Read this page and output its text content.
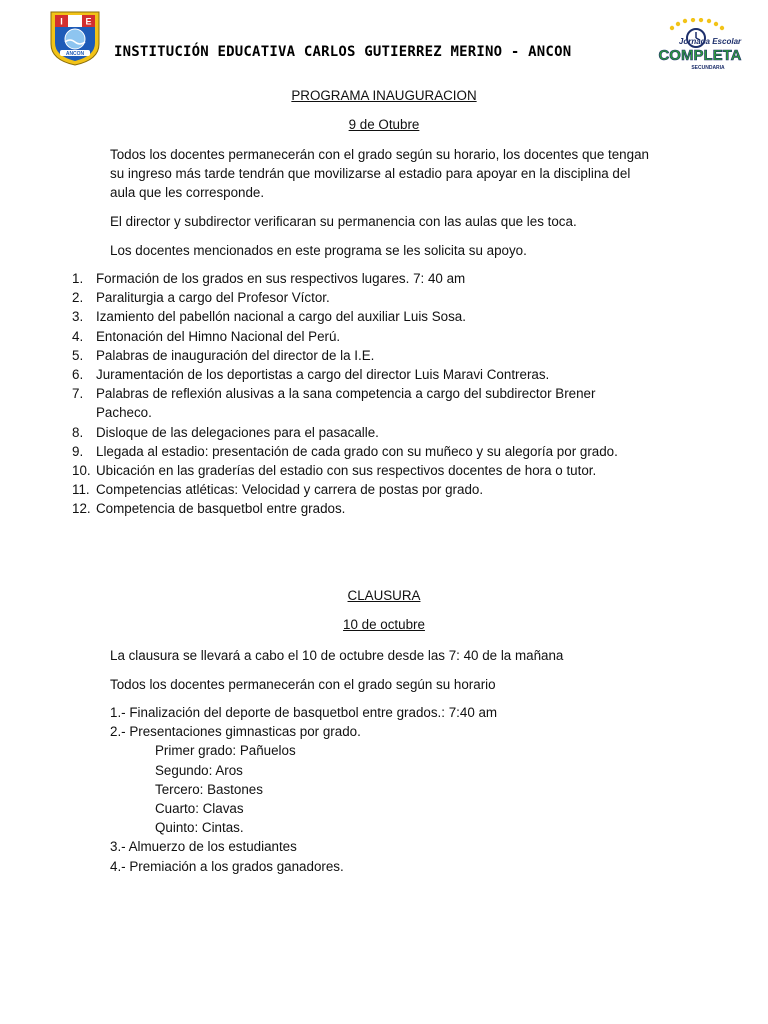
I	E
ANCON INSTITUCIÓN EDUCATIVA CARLOS GUTIERREZ MERINO - ANCON
Jornada Escolar
COMPLETA
SECUNDARIA
PROGRAMA INAUGURACION
9 de Otubre
Todos los docentes permanecerán con el grado según su horario, los docentes que tengan su ingreso más tarde tendrán que movilizarse al estadio para apoyar en la disciplina del aula que les corresponde.
El director y subdirector verificaran su permanencia con las aulas que les toca.
Los docentes mencionados en este programa se les solicita su apoyo.
1. Formación de los grados en sus respectivos lugares. 7: 40 am
2. Paraliturgia a cargo del Profesor Víctor.
3. Izamiento del pabellón nacional a cargo del auxiliar Luis Sosa.
4. Entonación del Himno Nacional del Perú.
5. Palabras de inauguración del director de la I.E.
6. Juramentación de los deportistas a cargo del director Luis Maravi Contreras.
7. Palabras de reflexión alusivas a la sana competencia a cargo del subdirector Brener Pacheco.
8. Disloque de las delegaciones para el pasacalle.
9. Llegada al estadio: presentación de cada grado con su muñeco y su alegoría por grado.
10. Ubicación en las graderías del estadio con sus respectivos docentes de hora o tutor.
11. Competencias atléticas: Velocidad y carrera de postas por grado.
12. Competencia de basquetbol entre grados.
CLAUSURA
10 de octubre
La clausura se llevará a cabo el 10 de octubre desde las 7: 40 de la mañana
Todos los docentes permanecerán con el grado según su horario
1.- Finalización del deporte de basquetbol entre grados.: 7:40 am
2.- Presentaciones gimnasticas por grado.
Primer grado: Pañuelos
Segundo: Aros
Tercero: Bastones
Cuarto: Clavas
Quinto: Cintas.
3.- Almuerzo de los estudiantes
4.- Premiación a los grados ganadores.
